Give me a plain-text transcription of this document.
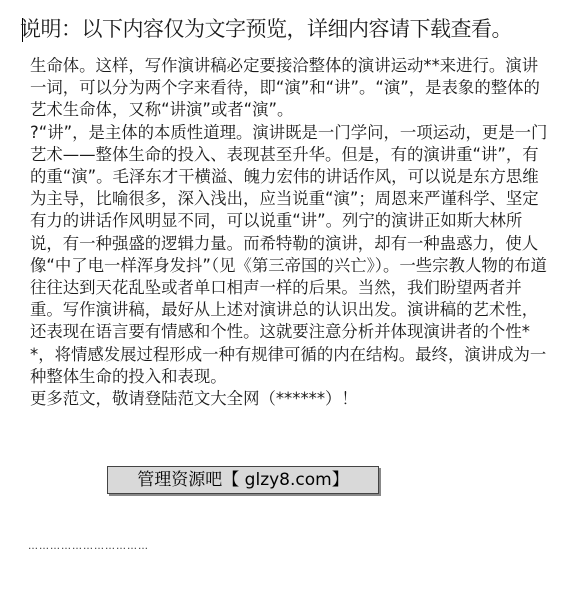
说明：以下内容仅为文字预览，详细内容请下载查看。

生命体。这样，写作演讲稿必定要接洽整体的演讲运动**来进行。演讲一词，可以分为两个字来看待，即“演”和“讲”。“演”，是表象的整体的艺术生命体，又称“讲演”或者“演”。

?“讲”，是主体的本质性道理。演讲既是一门学问，一项运动，更是一门艺术——整体生命的投入、表现甚至升华。但是，有的演讲重“讲”，有的重“演”。毛泽东才干横溢、魄力宏伟的讲话作风，可以说是东方思维为主导，比喻很多，深入浅出，应当说重“演”；周恩来严谨科学、坚定有力的讲话作风明显不同，可以说重“讲”。列宁的演讲正如斯大林所说，有一种强盛的逻辑力量。而希特勒的演讲，却有一种蛊惑力，使人像“中了电一样浑身发抖”（见《第三帝国的兴亡》）。一些宗教人物的布道往往达到天花乱坠或者单口相声一样的后果。当然，我们盼望两者并重。写作演讲稿，最好从上述对演讲总的认识出发。演讲稿的艺术性，还表现在语言要有情感和个性。这就要注意分析并体现演讲者的个性**，将情感发展过程形成一种有规律可循的内在结构。最终，演讲成为一种整体生命的投入和表现。

更多范文，敬请登陆范文大全网（******）！

……………………………
管理资源吧【 glzy8.com】
